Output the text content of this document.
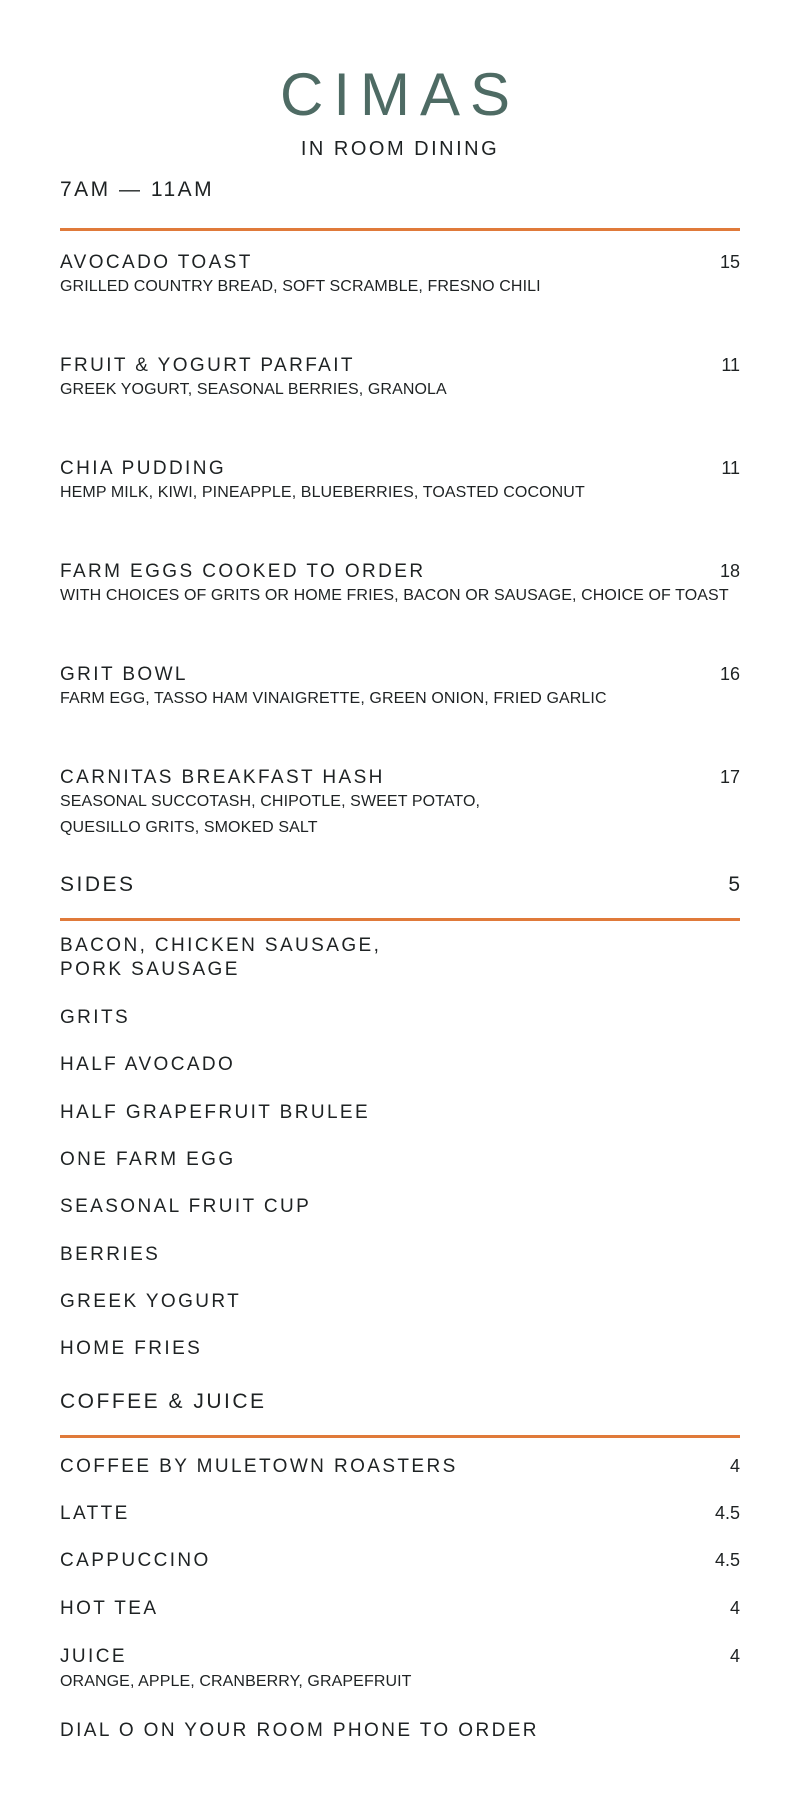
CIMAS
IN ROOM DINING
7AM — 11AM
AVOCADO TOAST	15
GRILLED COUNTRY BREAD, SOFT SCRAMBLE, FRESNO CHILI
FRUIT & YOGURT PARFAIT	11
GREEK YOGURT, SEASONAL BERRIES, GRANOLA
CHIA PUDDING	11
HEMP MILK, KIWI, PINEAPPLE, BLUEBERRIES, TOASTED COCONUT
FARM EGGS COOKED TO ORDER	18
WITH CHOICES OF GRITS OR HOME FRIES, BACON OR SAUSAGE, CHOICE OF TOAST
GRIT BOWL	16
FARM EGG, TASSO HAM VINAIGRETTE, GREEN ONION, FRIED GARLIC
CARNITAS BREAKFAST HASH	17
SEASONAL SUCCOTASH, CHIPOTLE, SWEET POTATO,
QUESILLO GRITS, SMOKED SALT
SIDES	5
BACON, CHICKEN SAUSAGE,
PORK SAUSAGE
GRITS
HALF AVOCADO
HALF GRAPEFRUIT BRULEE
ONE FARM EGG
SEASONAL FRUIT CUP
BERRIES
GREEK YOGURT
HOME FRIES
COFFEE & JUICE
COFFEE BY MULETOWN ROASTERS	4
LATTE	4.5
CAPPUCCINO	4.5
HOT TEA	4
JUICE	4
ORANGE, APPLE, CRANBERRY, GRAPEFRUIT
DIAL O ON YOUR ROOM PHONE TO ORDER
